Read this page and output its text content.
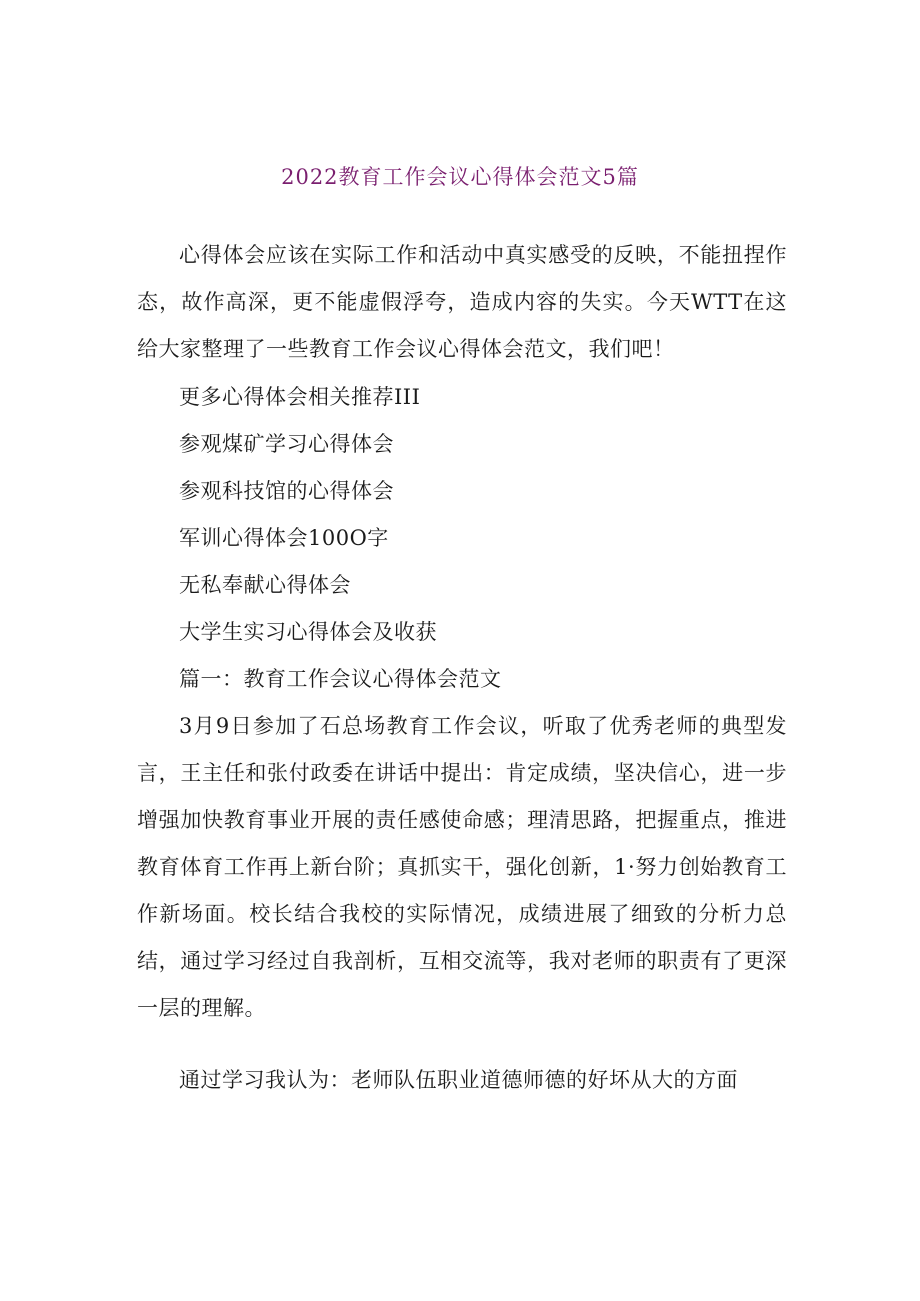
2022教育工作会议心得体会范文5篇

心得体会应该在实际工作和活动中真实感受的反映，不能扭捏作态，故作高深，更不能虚假浮夸，造成内容的失实。今天WTT在这给大家整理了一些教育工作会议心得体会范文，我们吧！

更多心得体会相关推荐III
参观煤矿学习心得体会
参观科技馆的心得体会
军训心得体会100O字
无私奉献心得体会
大学生实习心得体会及收获
篇一：教育工作会议心得体会范文

3月9日参加了石总场教育工作会议，听取了优秀老师的典型发言，王主任和张付政委在讲话中提出：肯定成绩，坚决信心，进一步增强加快教育事业开展的责任感使命感；理清思路，把握重点，推进教育体育工作再上新台阶；真抓实干，强化创新，1·努力创始教育工作新场面。校长结合我校的实际情况，成绩进展了细致的分析力总结，通过学习经过自我剖析，互相交流等，我对老师的职责有了更深一层的理解。

通过学习我认为：老师队伍职业道德师德的好坏从大的方面
